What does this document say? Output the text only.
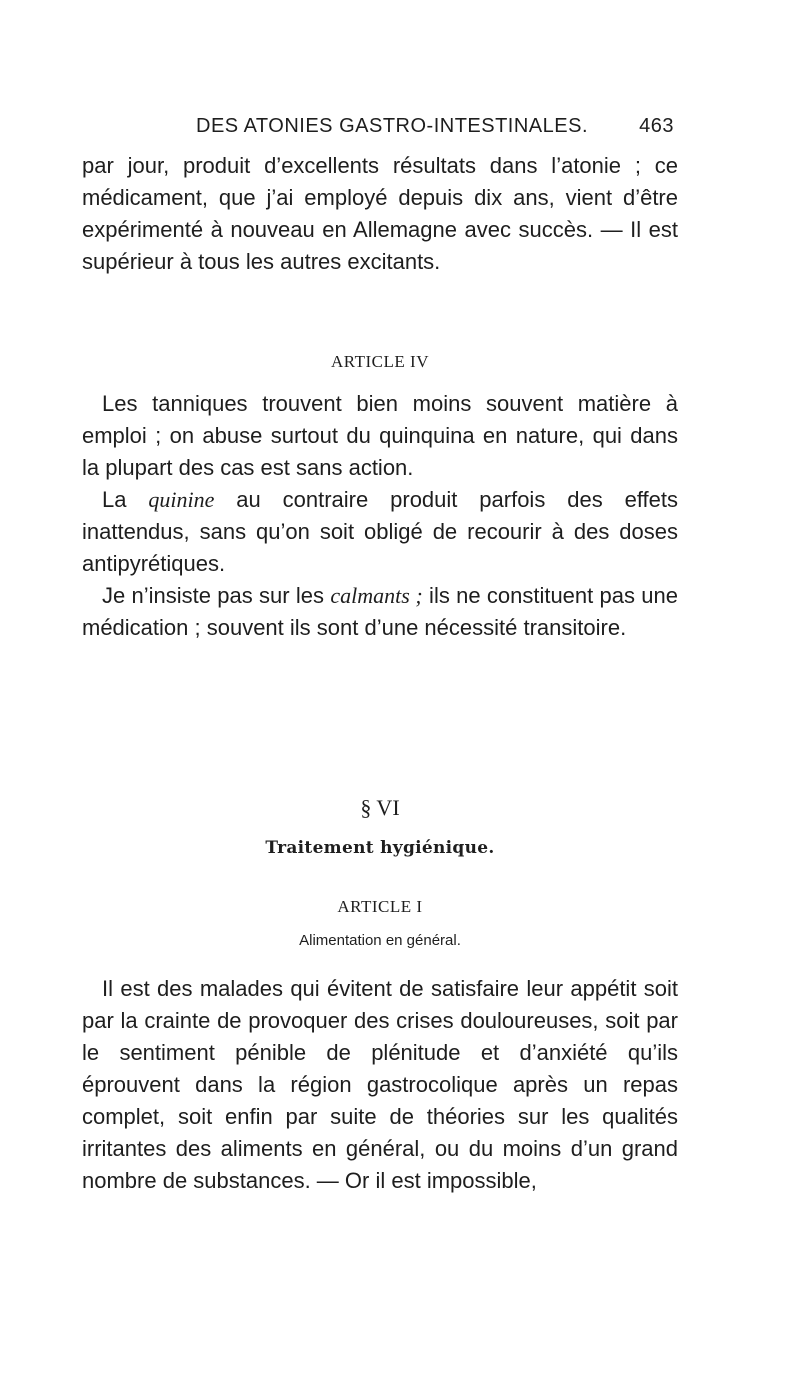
DES ATONIES GASTRO-INTESTINALES.	463

par jour, produit d’excellents résultats dans l’atonie ; ce médicament, que j’ai employé depuis dix ans, vient d’être expérimenté à nouveau en Allemagne avec succès. — Il est supérieur à tous les autres excitants.

ARTICLE IV

Les tanniques trouvent bien moins souvent matière à emploi ; on abuse surtout du quinquina en nature, qui dans la plupart des cas est sans action.

La quinine au contraire produit parfois des effets inattendus, sans qu’on soit obligé de recourir à des doses antipyrétiques.

Je n’insiste pas sur les calmants ; ils ne constituent pas une médication ; souvent ils sont d’une nécessité transitoire.

§ VI
Traitement hygiénique.
ARTICLE I
Alimentation en général.

Il est des malades qui évitent de satisfaire leur appétit soit par la crainte de provoquer des crises douloureuses, soit par le sentiment pénible de plénitude et d’anxiété qu’ils éprouvent dans la région gastrocolique après un repas complet, soit enfin par suite de théories sur les qualités irritantes des aliments en général, ou du moins d’un grand nombre de substances. — Or il est impossible,
